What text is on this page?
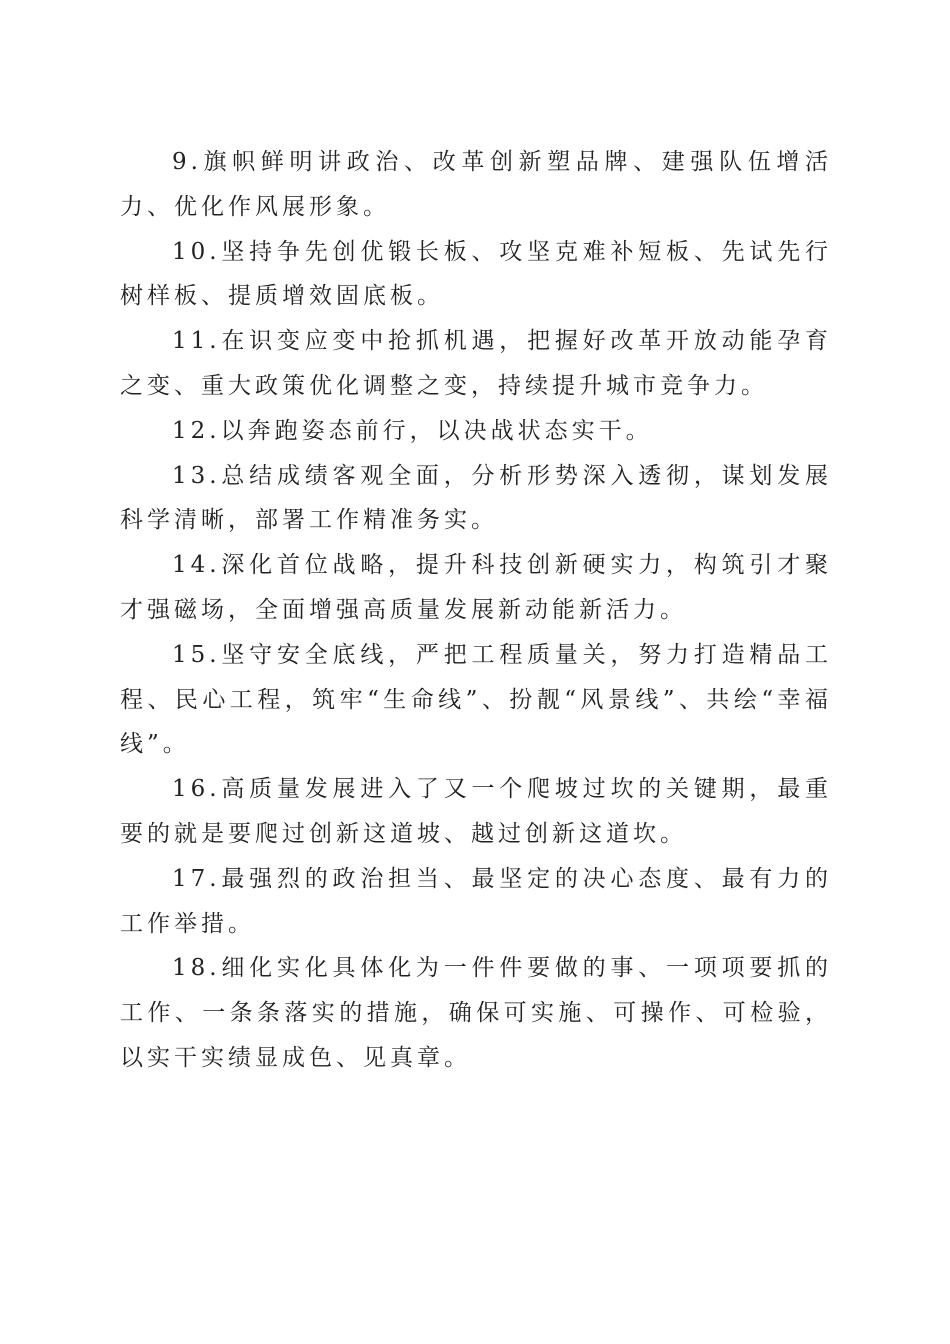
9.旗帜鲜明讲政治、改革创新塑品牌、建强队伍增活力、优化作风展形象。

10.坚持争先创优锻长板、攻坚克难补短板、先试先行树样板、提质增效固底板。

11.在识变应变中抢抓机遇，把握好改革开放动能孕育之变、重大政策优化调整之变，持续提升城市竞争力。

12.以奔跑姿态前行，以决战状态实干。

13.总结成绩客观全面，分析形势深入透彻，谋划发展科学清晰，部署工作精准务实。

14.深化首位战略，提升科技创新硬实力，构筑引才聚才强磁场，全面增强高质量发展新动能新活力。

15.坚守安全底线，严把工程质量关，努力打造精品工程、民心工程，筑牢“生命线”、扮靓“风景线”、共绘“幸福线”。

16.高质量发展进入了又一个爬坡过坎的关键期，最重要的就是要爬过创新这道坡、越过创新这道坎。

17.最强烈的政治担当、最坚定的决心态度、最有力的工作举措。

18.细化实化具体化为一件件要做的事、一项项要抓的工作、一条条落实的措施，确保可实施、可操作、可检验，以实干实绩显成色、见真章。
